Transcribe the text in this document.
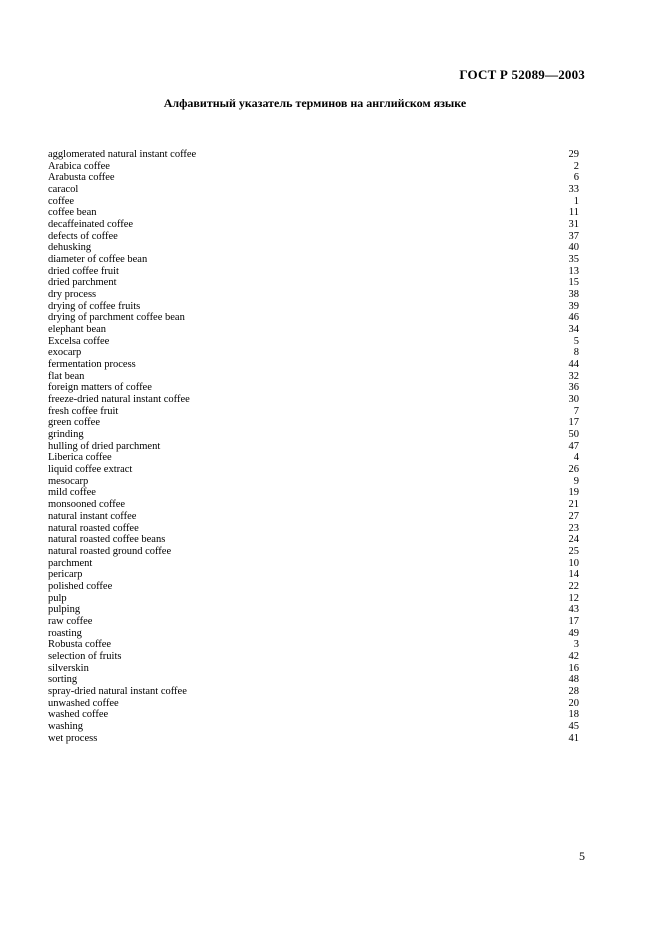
ГОСТ Р 52089—2003
Алфавитный указатель терминов на английском языке
agglomerated natural instant coffee	29
Arabica coffee	2
Arabusta coffee	6
caracol	33
coffee	1
coffee bean	11
decaffeinated coffee	31
defects of coffee	37
dehusking	40
diameter of coffee bean	35
dried coffee fruit	13
dried parchment	15
dry process	38
drying of coffee fruits	39
drying of parchment coffee bean	46
elephant bean	34
Excelsa coffee	5
exocarp	8
fermentation process	44
flat bean	32
foreign matters of coffee	36
freeze-dried natural instant coffee	30
fresh coffee fruit	7
green coffee	17
grinding	50
hulling of dried parchment	47
Liberica coffee	4
liquid coffee extract	26
mesocarp	9
mild coffee	19
monsooned coffee	21
natural instant coffee	27
natural roasted coffee	23
natural roasted coffee beans	24
natural roasted ground coffee	25
parchment	10
pericarp	14
polished coffee	22
pulp	12
pulping	43
raw coffee	17
roasting	49
Robusta coffee	3
selection of fruits	42
silverskin	16
sorting	48
spray-dried natural instant coffee	28
unwashed coffee	20
washed coffee	18
washing	45
wet process	41
5
